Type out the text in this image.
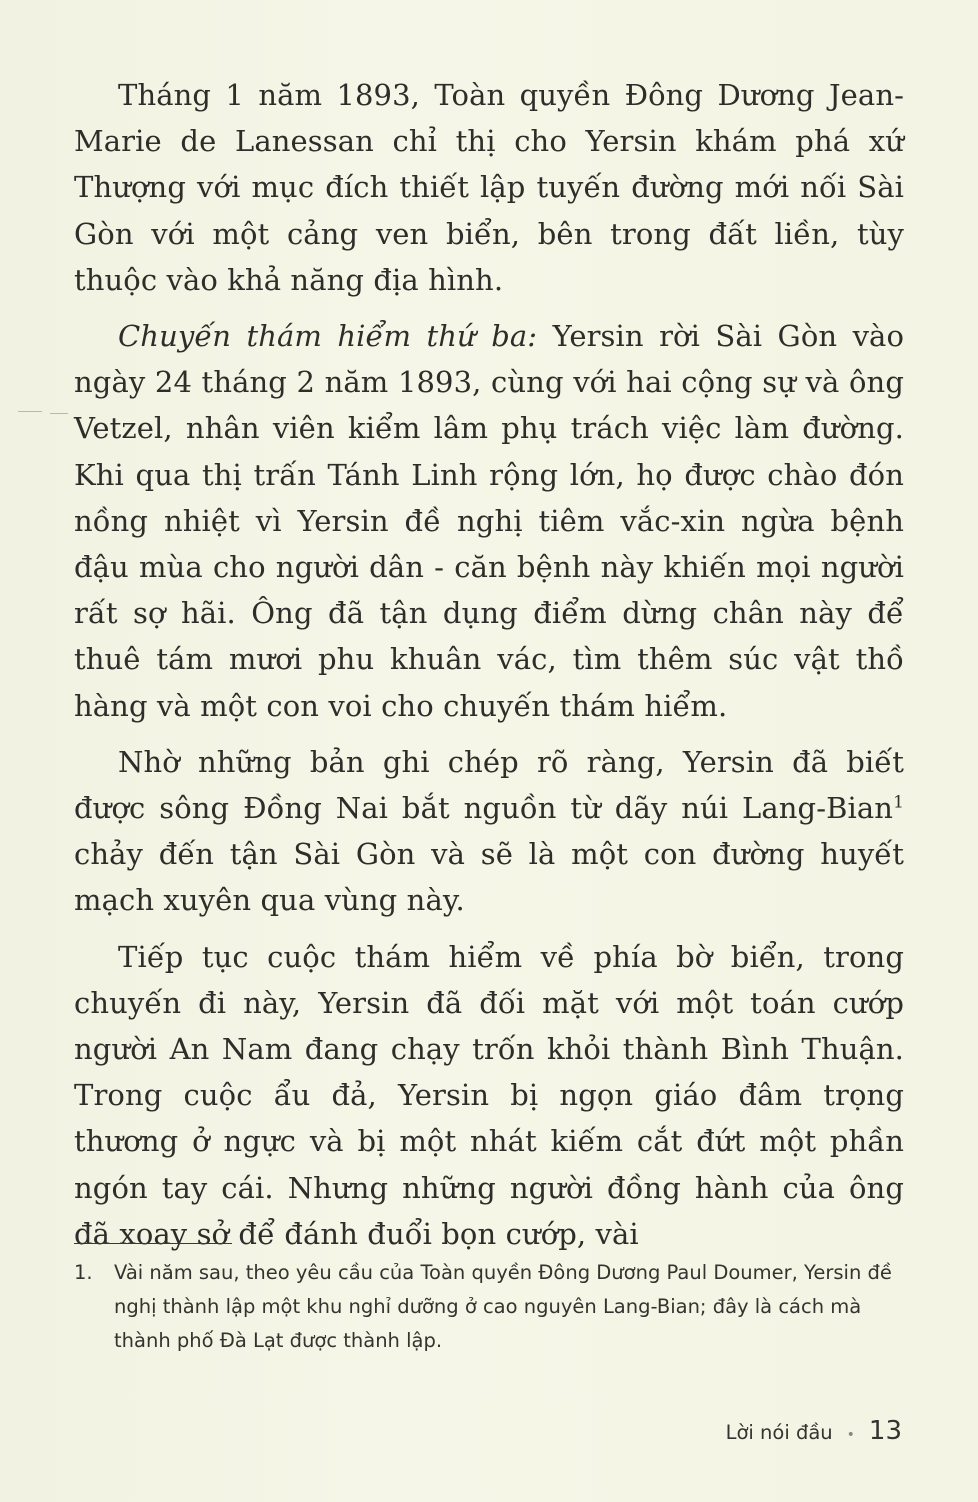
Tháng 1 năm 1893, Toàn quyền Đông Dương Jean-Marie de Lanessan chỉ thị cho Yersin khám phá xứ Thượng với mục đích thiết lập tuyến đường mới nối Sài Gòn với một cảng ven biển, bên trong đất liền, tùy thuộc vào khả năng địa hình.

Chuyến thám hiểm thứ ba: Yersin rời Sài Gòn vào ngày 24 tháng 2 năm 1893, cùng với hai cộng sự và ông Vetzel, nhân viên kiểm lâm phụ trách việc làm đường. Khi qua thị trấn Tánh Linh rộng lớn, họ được chào đón nồng nhiệt vì Yersin đề nghị tiêm vắc-xin ngừa bệnh đậu mùa cho người dân - căn bệnh này khiến mọi người rất sợ hãi. Ông đã tận dụng điểm dừng chân này để thuê tám mươi phu khuân vác, tìm thêm súc vật thồ hàng và một con voi cho chuyến thám hiểm.

Nhờ những bản ghi chép rõ ràng, Yersin đã biết được sông Đồng Nai bắt nguồn từ dãy núi Lang-Bian$^1$ chảy đến tận Sài Gòn và sẽ là một con đường huyết mạch xuyên qua vùng này.

Tiếp tục cuộc thám hiểm về phía bờ biển, trong chuyến đi này, Yersin đã đối mặt với một toán cướp người An Nam đang chạy trốn khỏi thành Bình Thuận. Trong cuộc ẩu đả, Yersin bị ngọn giáo đâm trọng thương ở ngực và bị một nhát kiếm cắt đứt một phần ngón tay cái. Nhưng những người đồng hành của ông đã xoay sở để đánh đuổi bọn cướp, vài

1. Vài năm sau, theo yêu cầu của Toàn quyền Đông Dương Paul Doumer, Yersin đề nghị thành lập một khu nghỉ dưỡng ở cao nguyên Lang-Bian; đây là cách mà thành phố Đà Lạt được thành lập.
Lời nói đầu • 13
